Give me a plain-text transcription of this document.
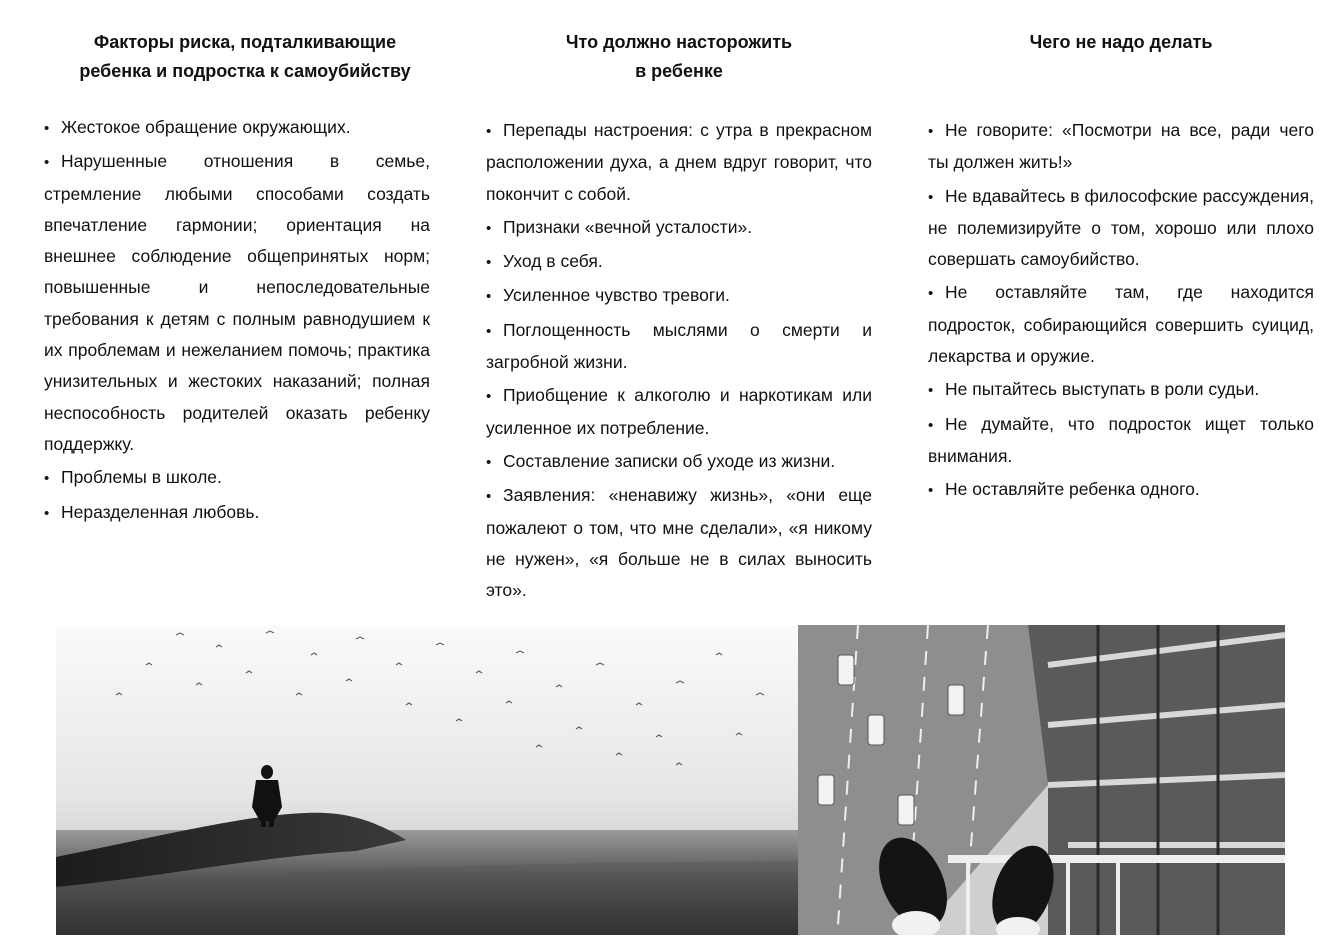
Факторы риска, подталкивающие
ребенка и подростка к самоубийству
• Жестокое обращение окружающих.
• Нарушенные отношения в семье, стремление любыми способами создать впечатление гармонии; ориентация на внешнее соблюдение общепринятых норм; повышенные и непоследовательные требования к детям с полным равнодушием к их проблемам и нежеланием помочь; практика унизительных и жестоких наказаний; полная неспособность родителей оказать ребенку поддержку.
• Проблемы в школе.
• Неразделенная любовь.
Что должно насторожить
в ребенке
• Перепады настроения: с утра в прекрасном расположении духа, а днем вдруг говорит, что покончит с собой.
• Признаки «вечной усталости».
• Уход в себя.
• Усиленное чувство тревоги.
• Поглощенность мыслями о смерти и загробной жизни.
• Приобщение к алкоголю и наркотикам или усиленное их потребление.
• Составление записки об уходе из жизни.
• Заявления: «ненавижу жизнь», «они еще пожалеют о том, что мне сделали», «я никому не нужен», «я больше не в силах выносить это».
Чего не надо делать
• Не говорите: «Посмотри на все, ради чего ты должен жить!»
• Не вдавайтесь в философские рассуждения, не полемизируйте о том, хорошо или плохо совершать самоубийство.
• Не оставляйте там, где находится подросток, собирающийся совершить суицид, лекарства и оружие.
• Не пытайтесь выступать в роли судьи.
• Не думайте, что подросток ищет только внимания.
• Не оставляйте ребенка одного.
